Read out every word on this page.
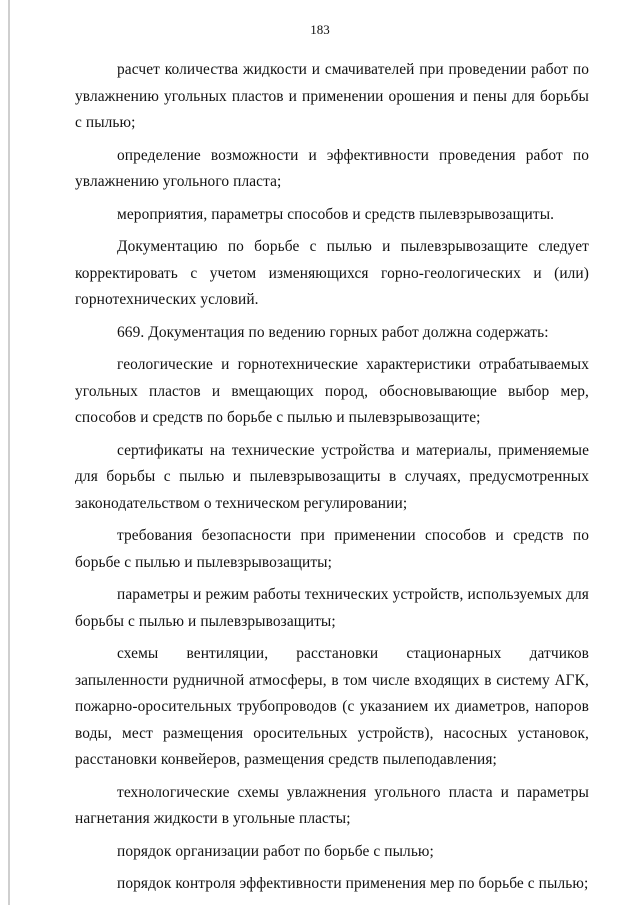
183

расчет количества жидкости и смачивателей при проведении работ по увлажнению угольных пластов и применении орошения и пены для борьбы с пылью;

определение возможности и эффективности проведения работ по увлажнению угольного пласта;

мероприятия, параметры способов и средств пылевзрывозащиты.

Документацию по борьбе с пылью и пылевзрывозащите следует корректировать с учетом изменяющихся горно-геологических и (или) горнотехнических условий.

669. Документация по ведению горных работ должна содержать:

геологические и горнотехнические характеристики отрабатываемых угольных пластов и вмещающих пород, обосновывающие выбор мер, способов и средств по борьбе с пылью и пылевзрывозащите;

сертификаты на технические устройства и материалы, применяемые для борьбы с пылью и пылевзрывозащиты в случаях, предусмотренных законодательством о техническом регулировании;

требования безопасности при применении способов и средств по борьбе с пылью и пылевзрывозащиты;

параметры и режим работы технических устройств, используемых для борьбы с пылью и пылевзрывозащиты;

схемы вентиляции, расстановки стационарных датчиков запыленности рудничной атмосферы, в том числе входящих в систему АГК, пожарно-оросительных трубопроводов (с указанием их диаметров, напоров воды, мест размещения оросительных устройств), насосных установок, расстановки конвейеров, размещения средств пылеподавления;

технологические схемы увлажнения угольного пласта и параметры нагнетания жидкости в угольные пласты;

порядок организации работ по борьбе с пылью;

порядок контроля эффективности применения мер по борьбе с пылью;
